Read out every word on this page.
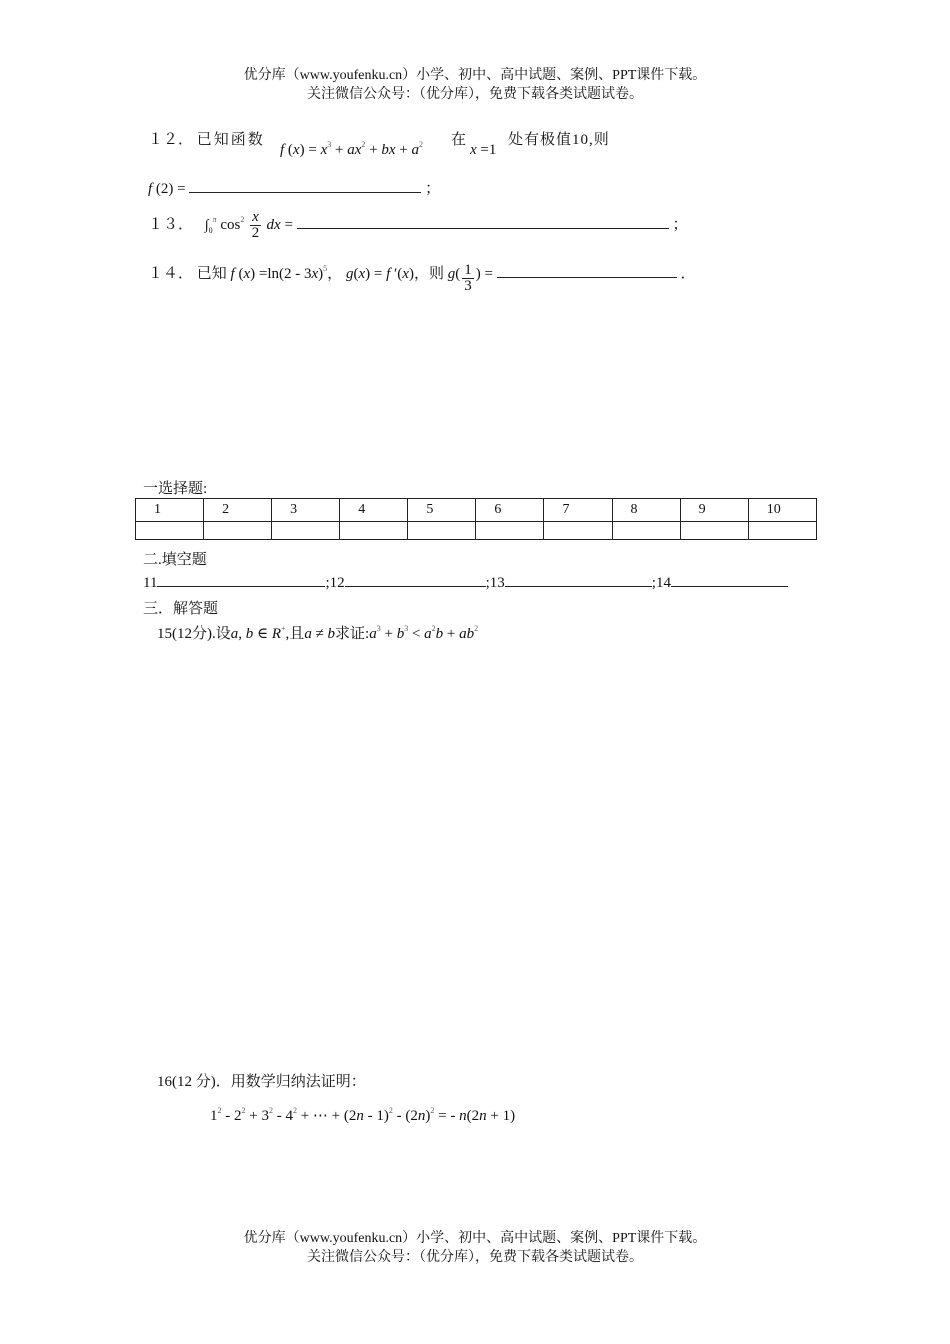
优分库（www.youfenku.cn）小学、初中、高中试题、案例、PPT课件下载。
关注微信公众号：（优分库），免费下载各类试题试卷。
１２． 已知函数
f $(x) = x^3 + ax^2$ + bx + $a^2$ 在
x =1
处有极值10,则
f (2) =	；
１３． $\int_0^\pi$ $\cos^2 \frac{x}{2}$ dx =	；
１４． 已知 f (x) =ln(2 - 3x)$^5$， g(x) = f ′(x)，则 $g( \frac{1}{3}$ ) =	．
一选择题:
1	2	3	4	5	6	7	8	9	10

二.填空题
11	;12	;13	;14
三．解答题
15(12分).设a, b ∈ R+,且a ≠ b求证$:a^3 + b^3 < a^2b + ab^2$
16(12 分)．用数学归纳法证明：
$1^2 - 2^2 + 3^2 - 4^2$ + ⋯ + $(2n - 1)^2 - (2n)^2$ = - n(2n + 1)
优分库（www.youfenku.cn）小学、初中、高中试题、案例、PPT课件下载。
关注微信公众号：（优分库），免费下载各类试题试卷。
